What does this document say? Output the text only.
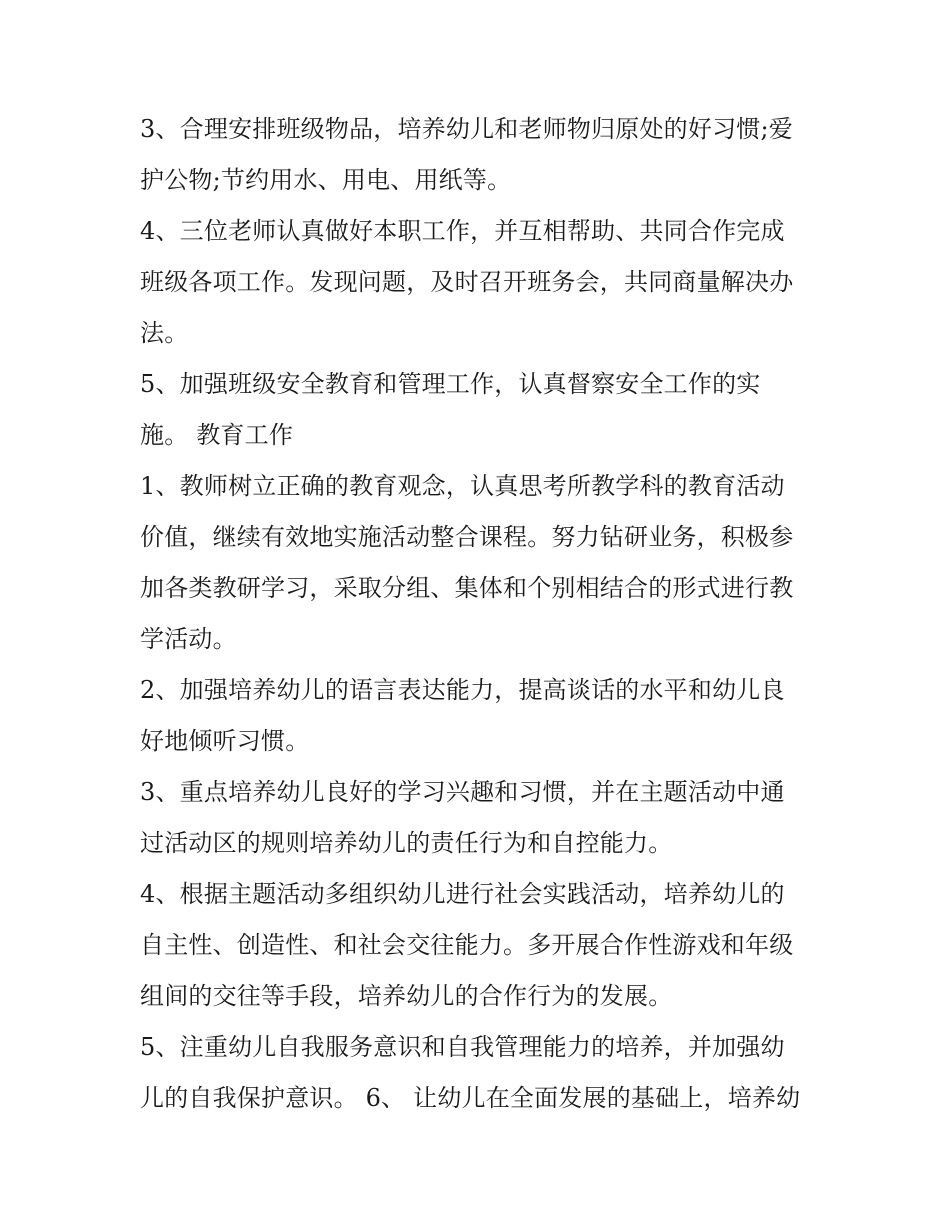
3、合理安排班级物品，培养幼儿和老师物归原处的好习惯;爱
护公物;节约用水、用电、用纸等。

4、三位老师认真做好本职工作，并互相帮助、共同合作完成
班级各项工作。发现问题，及时召开班务会，共同商量解决办
法。

5、加强班级安全教育和管理工作，认真督察安全工作的实
施。 教育工作

1、教师树立正确的教育观念，认真思考所教学科的教育活动
价值，继续有效地实施活动整合课程。努力钻研业务，积极参
加各类教研学习，采取分组、集体和个别相结合的形式进行教
学活动。

2、加强培养幼儿的语言表达能力，提高谈话的水平和幼儿良
好地倾听习惯。

3、重点培养幼儿良好的学习兴趣和习惯，并在主题活动中通
过活动区的规则培养幼儿的责任行为和自控能力。

4、根据主题活动多组织幼儿进行社会实践活动，培养幼儿的
自主性、创造性、和社会交往能力。多开展合作性游戏和年级
组间的交往等手段，培养幼儿的合作行为的发展。

5、注重幼儿自我服务意识和自我管理能力的培养，并加强幼
儿的自我保护意识。 6、 让幼儿在全面发展的基础上，培养幼
